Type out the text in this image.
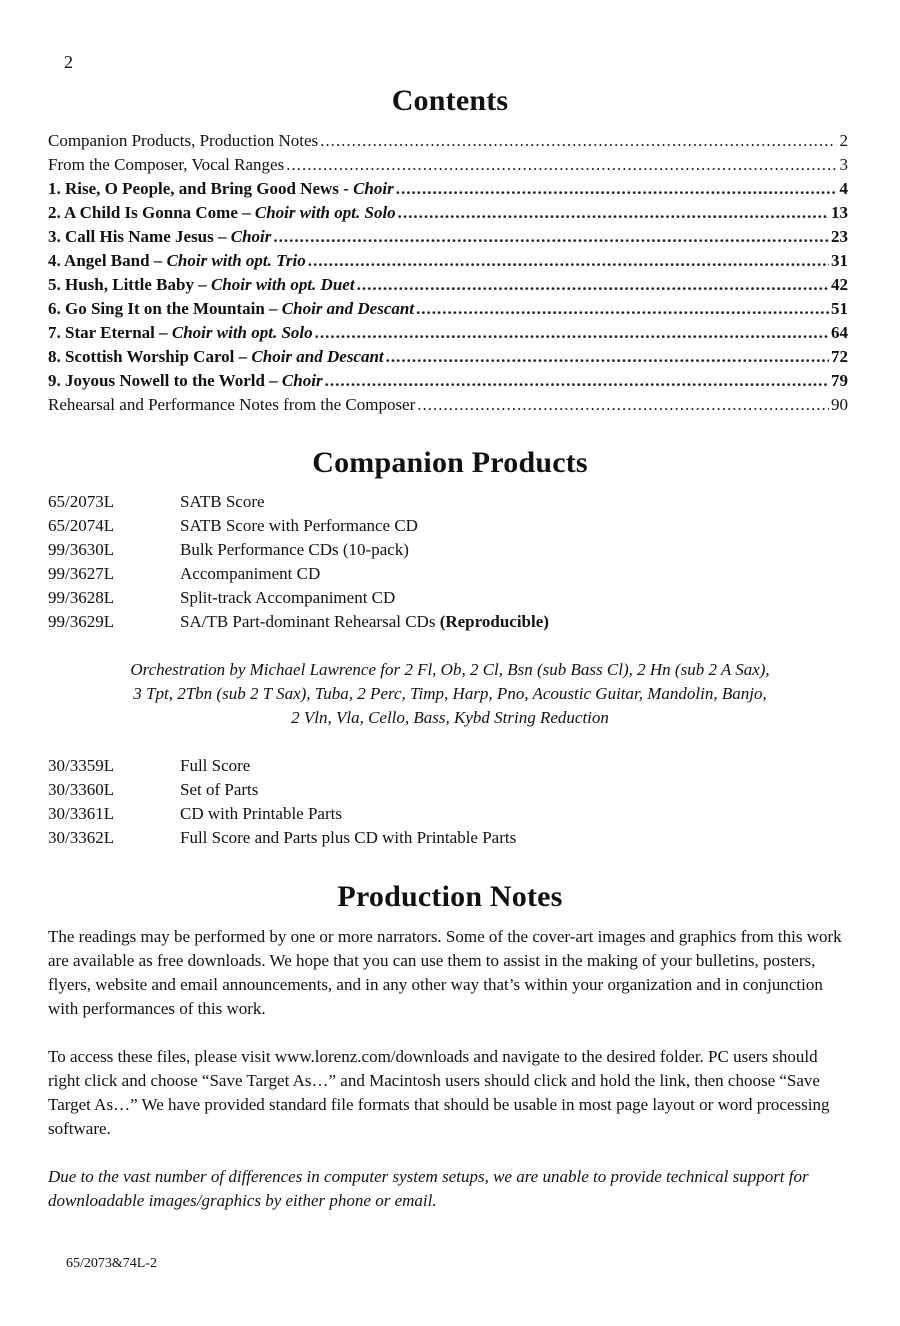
2
Contents
Companion Products, Production Notes .....	2
From the Composer, Vocal Ranges .....	3
1. Rise, O People, and Bring Good News - Choir .....	4
2. A Child Is Gonna Come – Choir with opt. Solo .....	13
3. Call His Name Jesus – Choir .....	23
4. Angel Band – Choir with opt. Trio .....	31
5. Hush, Little Baby – Choir with opt. Duet .....	42
6. Go Sing It on the Mountain – Choir and Descant .....	51
7. Star Eternal – Choir with opt. Solo .....	64
8. Scottish Worship Carol – Choir and Descant .....	72
9. Joyous Nowell to the World – Choir .....	79
Rehearsal and Performance Notes from the Composer .....	90
Companion Products
65/2073L	SATB Score
65/2074L	SATB Score with Performance CD
99/3630L	Bulk Performance CDs (10-pack)
99/3627L	Accompaniment CD
99/3628L	Split-track Accompaniment CD
99/3629L	SA/TB Part-dominant Rehearsal CDs (Reproducible)
Orchestration by Michael Lawrence for 2 Fl, Ob, 2 Cl, Bsn (sub Bass Cl), 2 Hn (sub 2 A Sax),
3 Tpt, 2Tbn (sub 2 T Sax), Tuba, 2 Perc, Timp, Harp, Pno, Acoustic Guitar, Mandolin, Banjo,
2 Vln, Vla, Cello, Bass, Kybd String Reduction
30/3359L	Full Score
30/3360L	Set of Parts
30/3361L	CD with Printable Parts
30/3362L	Full Score and Parts plus CD with Printable Parts
Production Notes

The readings may be performed by one or more narrators. Some of the cover-art images and graphics from this work are available as free downloads. We hope that you can use them to assist in the making of your bulletins, posters, flyers, website and email announcements, and in any other way that’s within your organization and in conjunction with performances of this work.

To access these files, please visit www.lorenz.com/downloads and navigate to the desired folder. PC users should right click and choose “Save Target As…” and Macintosh users should click and hold the link, then choose “Save Target As…” We have provided standard file formats that should be usable in most page layout or word processing software.

Due to the vast number of differences in computer system setups, we are unable to provide technical support for downloadable images/graphics by either phone or email.

65/2073&74L-2
